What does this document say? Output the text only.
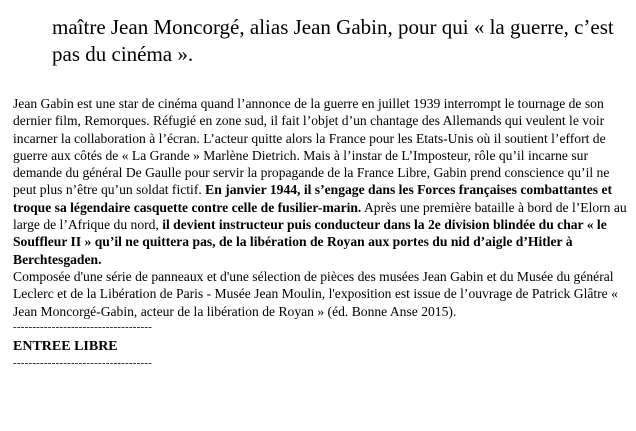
maître Jean Moncorgé, alias Jean Gabin, pour qui « la guerre, c’est pas du cinéma ».

Jean Gabin est une star de cinéma quand l’annonce de la guerre en juillet 1939 interrompt le tournage de son dernier film, Remorques. Réfugié en zone sud, il fait l’objet d’un chantage des Allemands qui veulent le voir incarner la collaboration à l’écran. L’acteur quitte alors la France pour les Etats-Unis où il soutient l’effort de guerre aux côtés de « La Grande » Marlène Dietrich. Mais à l’instar de L’Imposteur, rôle qu’il incarne sur demande du général De Gaulle pour servir la propagande de la France Libre, Gabin prend conscience qu’il ne peut plus n’être qu’un soldat fictif. En janvier 1944, il s’engage dans les Forces françaises combattantes et troque sa légendaire casquette contre celle de fusilier-marin. Après une première bataille à bord de l’Elorn au large de l’Afrique du nord, il devient instructeur puis conducteur dans la 2e division blindée du char « le Souffleur II » qu’il ne quittera pas, de la libération de Royan aux portes du nid d’aigle d’Hitler à Berchtesgaden.

Composée d'une série de panneaux et d'une sélection de pièces des musées Jean Gabin et du Musée du général Leclerc et de la Libération de Paris - Musée Jean Moulin, l'exposition est issue de l’ouvrage de Patrick Glâtre « Jean Moncorgé-Gabin, acteur de la libération de Royan » (éd. Bonne Anse 2015).

------------------------------------
ENTREE LIBRE
------------------------------------
